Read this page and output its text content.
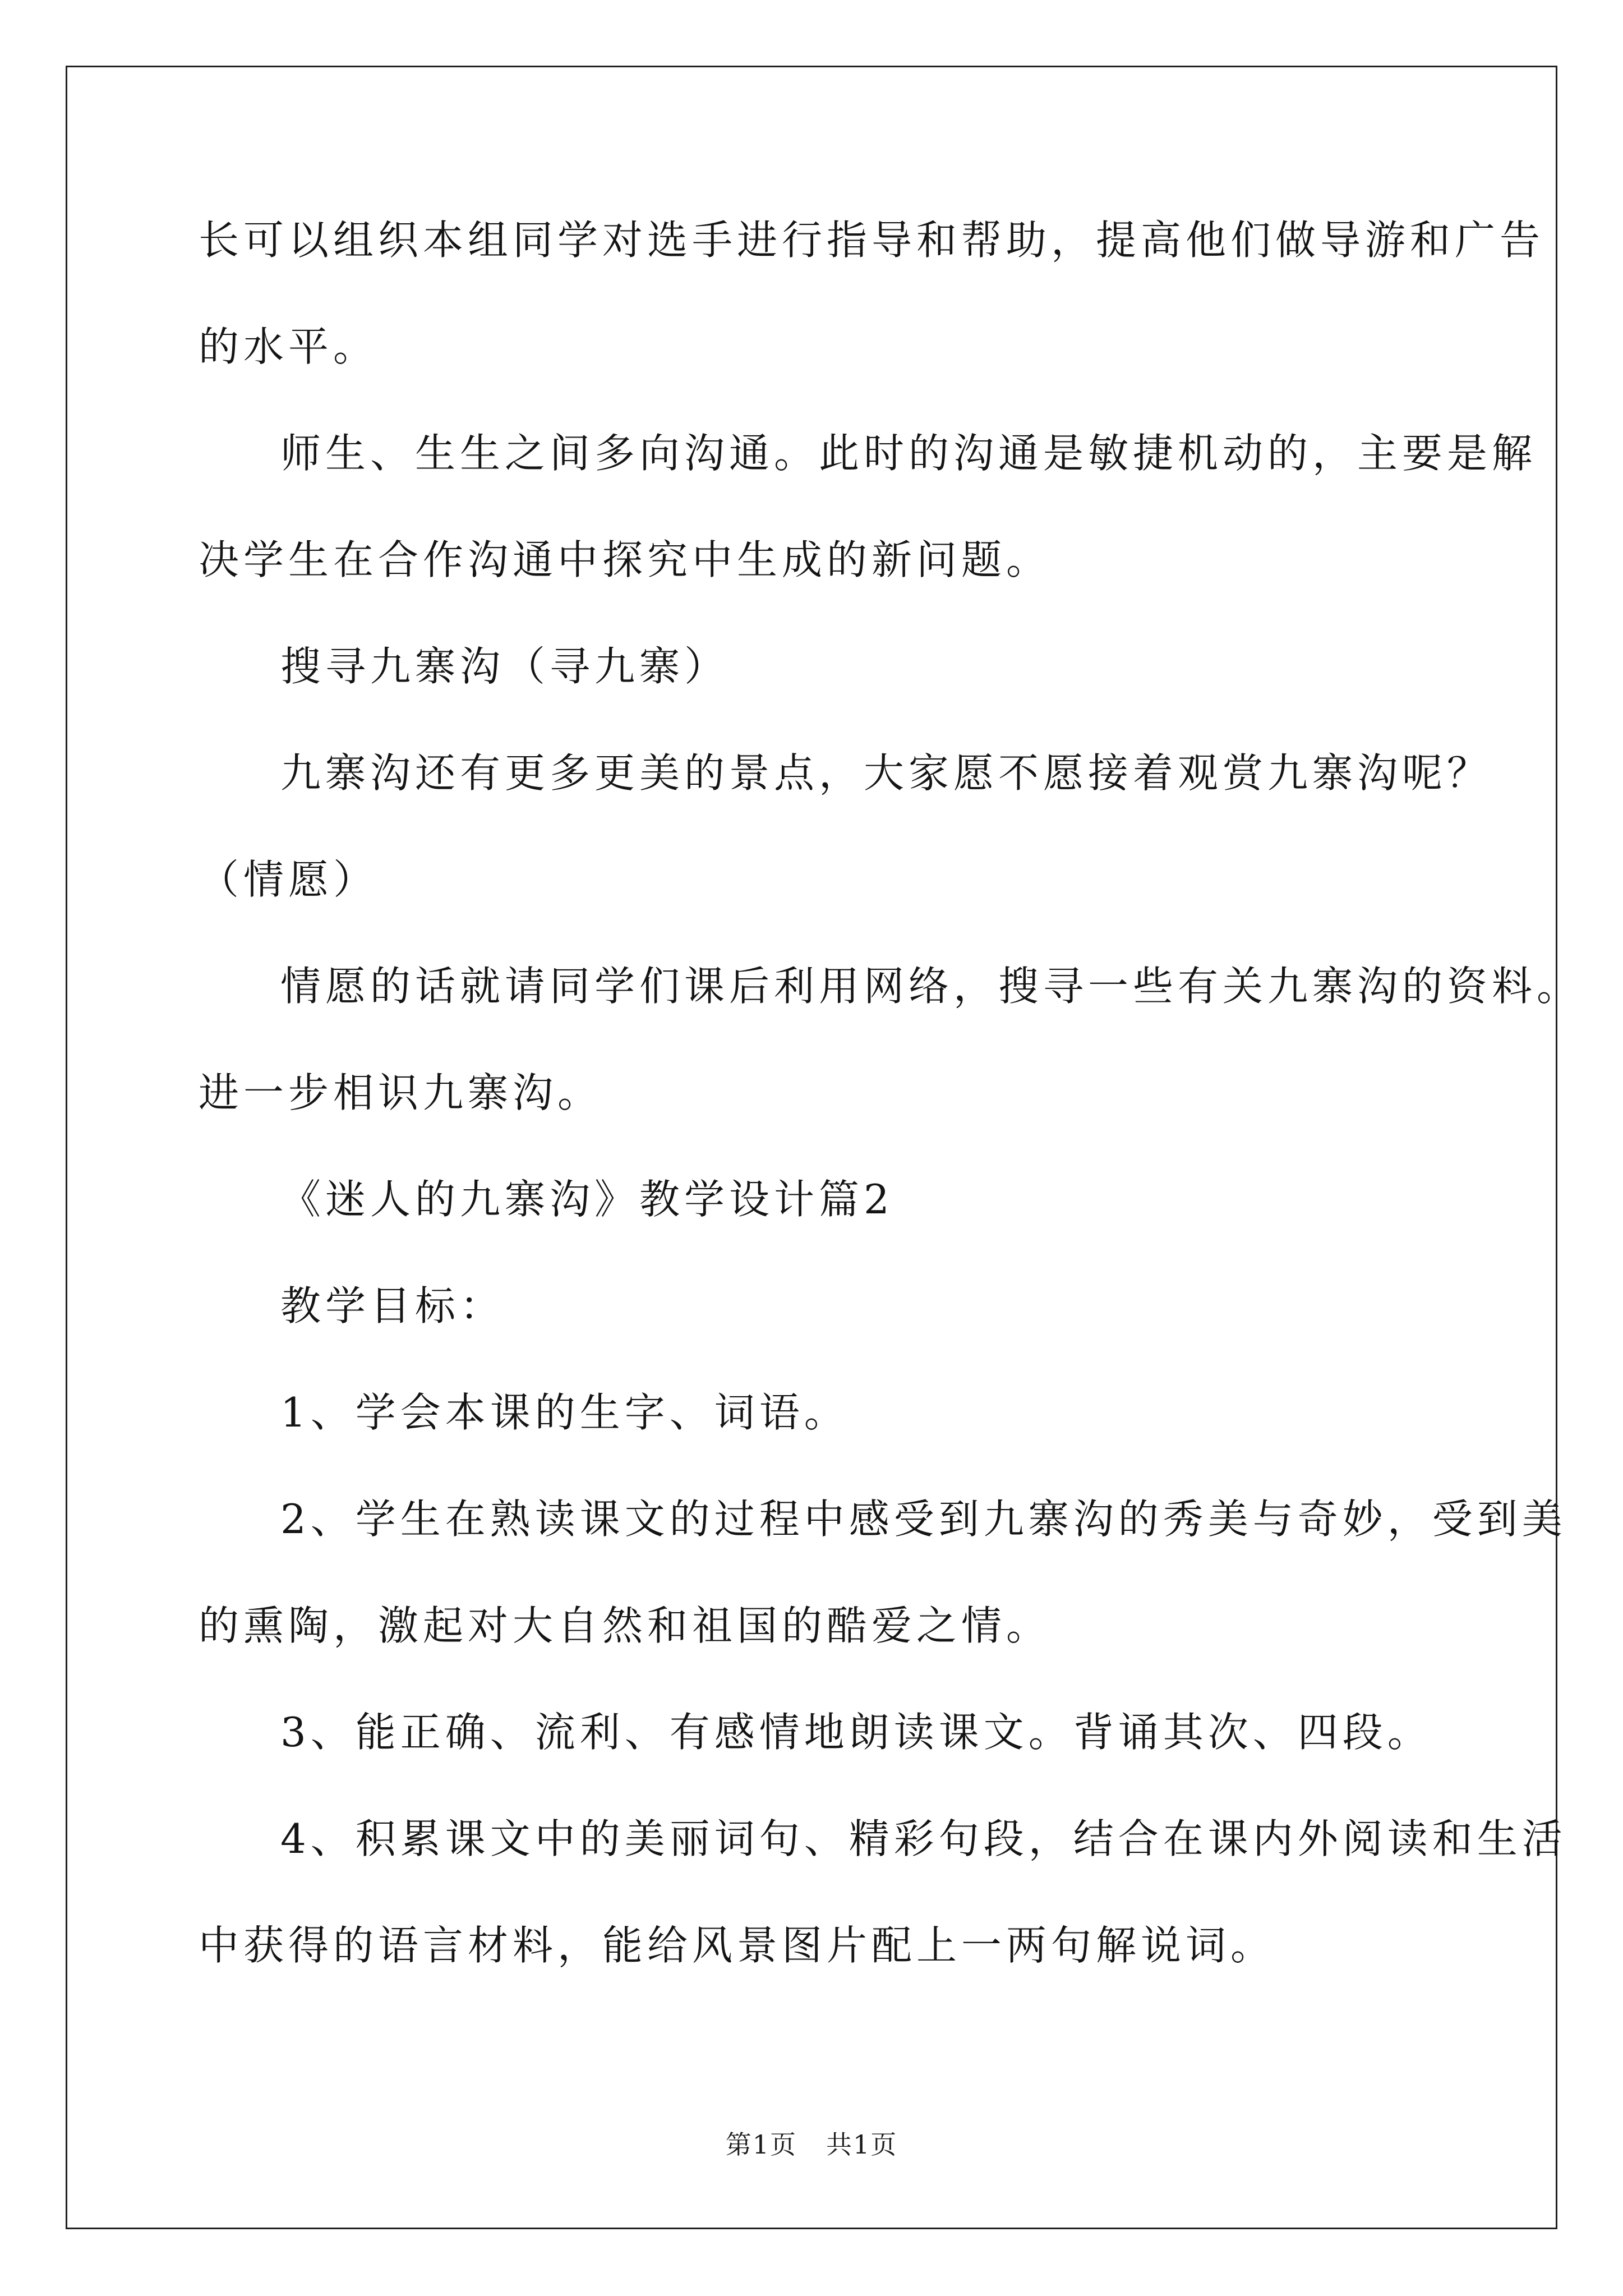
长可以组织本组同学对选手进行指导和帮助，提高他们做导游和广告

的水平。

师生、生生之间多向沟通。此时的沟通是敏捷机动的，主要是解

决学生在合作沟通中探究中生成的新问题。

搜寻九寨沟（寻九寨）

九寨沟还有更多更美的景点，大家愿不愿接着观赏九寨沟呢？

（情愿）

情愿的话就请同学们课后利用网络，搜寻一些有关九寨沟的资料。

进一步相识九寨沟。

《迷人的九寨沟》教学设计篇2

教学目标：

1、学会本课的生字、词语。

2、学生在熟读课文的过程中感受到九寨沟的秀美与奇妙，受到美

的熏陶，激起对大自然和祖国的酷爱之情。

3、能正确、流利、有感情地朗读课文。背诵其次、四段。

4、积累课文中的美丽词句、精彩句段，结合在课内外阅读和生活

中获得的语言材料，能给风景图片配上一两句解说词。

第1页 共1页
